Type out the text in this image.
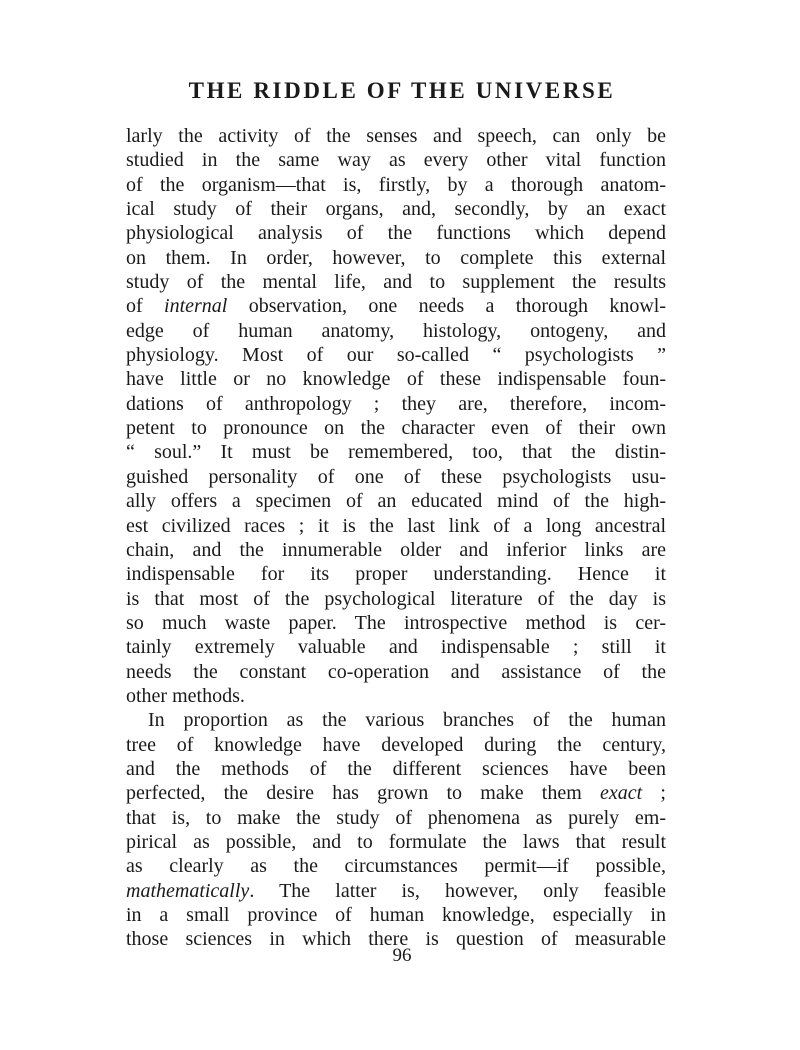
THE RIDDLE OF THE UNIVERSE
larly the activity of the senses and speech, can only be
studied in the same way as every other vital function
of the organism—that is, firstly, by a thorough anatom-
ical study of their organs, and, secondly, by an exact
physiological analysis of the functions which depend
on them. In order, however, to complete this external
study of the mental life, and to supplement the results
of internal observation, one needs a thorough knowl-
edge of human anatomy, histology, ontogeny, and
physiology. Most of our so-called “ psychologists ”
have little or no knowledge of these indispensable foun-
dations of anthropology ; they are, therefore, incom-
petent to pronounce on the character even of their own
“ soul.” It must be remembered, too, that the distin-
guished personality of one of these psychologists usu-
ally offers a specimen of an educated mind of the high-
est civilized races ; it is the last link of a long ancestral
chain, and the innumerable older and inferior links are
indispensable for its proper understanding. Hence it
is that most of the psychological literature of the day is
so much waste paper. The introspective method is cer-
tainly extremely valuable and indispensable ; still it
needs the constant co-operation and assistance of the
other methods.
In proportion as the various branches of the human
tree of knowledge have developed during the century,
and the methods of the different sciences have been
perfected, the desire has grown to make them exact ;
that is, to make the study of phenomena as purely em-
pirical as possible, and to formulate the laws that result
as clearly as the circumstances permit—if possible,
mathematically. The latter is, however, only feasible
in a small province of human knowledge, especially in
those sciences in which there is question of measurable
96
